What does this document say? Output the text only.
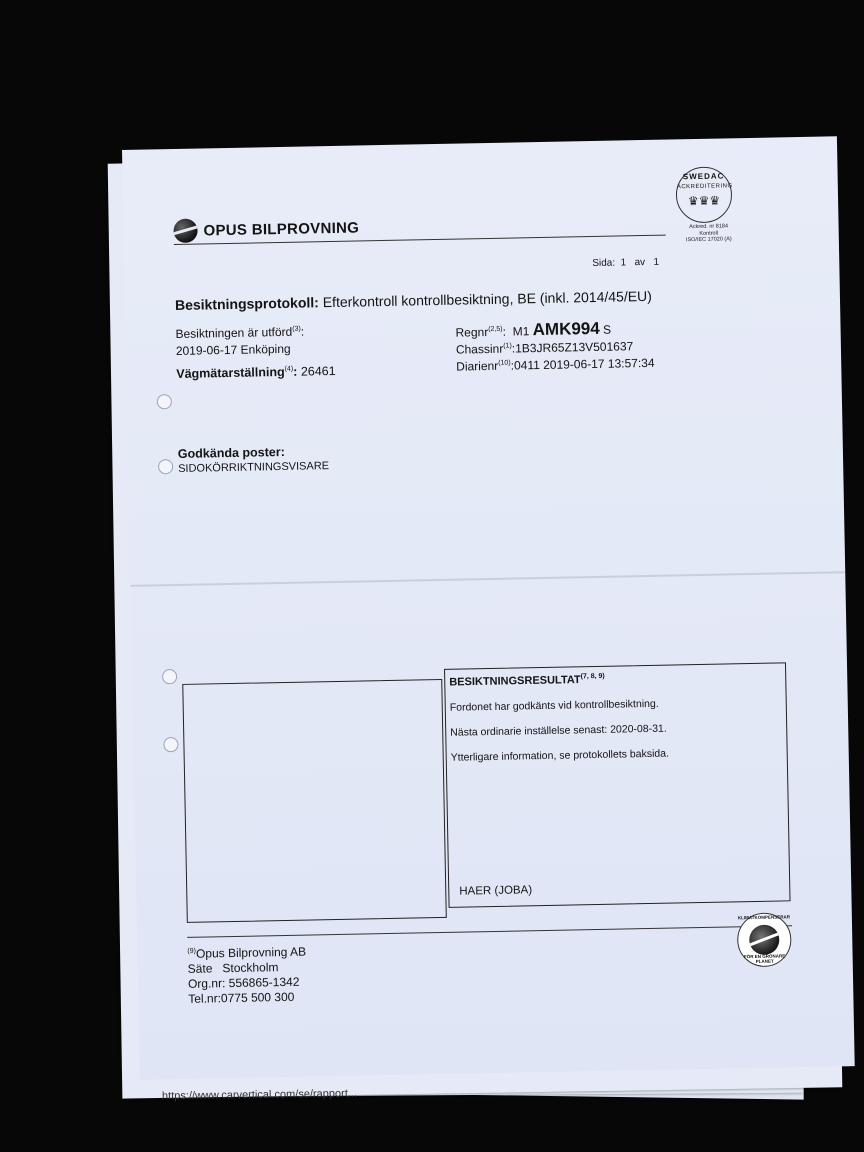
https://www.carvertical.com/se/rapport...
OPUS BILPROVNING
SWEDAC
ACKREDITERING
♛♛♛
Ackred. nr 8184
Kontroll
ISO/IEC 17020 (A)
Sida: 1 av 1
Besiktningsprotokoll: Efterkontroll kontrollbesiktning, BE (inkl. 2014/45/EU)
Besiktningen är utförd$^{(3)}$:
2019-06-17 Enköping
Vägmätarställning$^{(4)}$: 26461
Regnr$^{(2,5)}$:  M1 AMK994 S
Chassinr$^{(1)}$:1B3JR65Z13V501637
Diarienr$^{(10)}$:0411 2019-06-17 13:57:34
Godkända poster:
SIDOKÖRRIKTNINGSVISARE
BESIKTNINGSRESULTAT$^{(7, 8, 9)}$
Fordonet har godkänts vid kontrollbesiktning.
Nästa ordinarie inställelse senast: 2020-08-31.
Ytterligare information, se protokollets baksida.
HAER (JOBA)
$^{(9)}$Opus Bilprovning AB
Säte Stockholm
Org.nr: 556865-1342
Tel.nr:0775 500 300
KLIMATKOMPENSERAR
FÖR EN GRÖNARE PLANET
